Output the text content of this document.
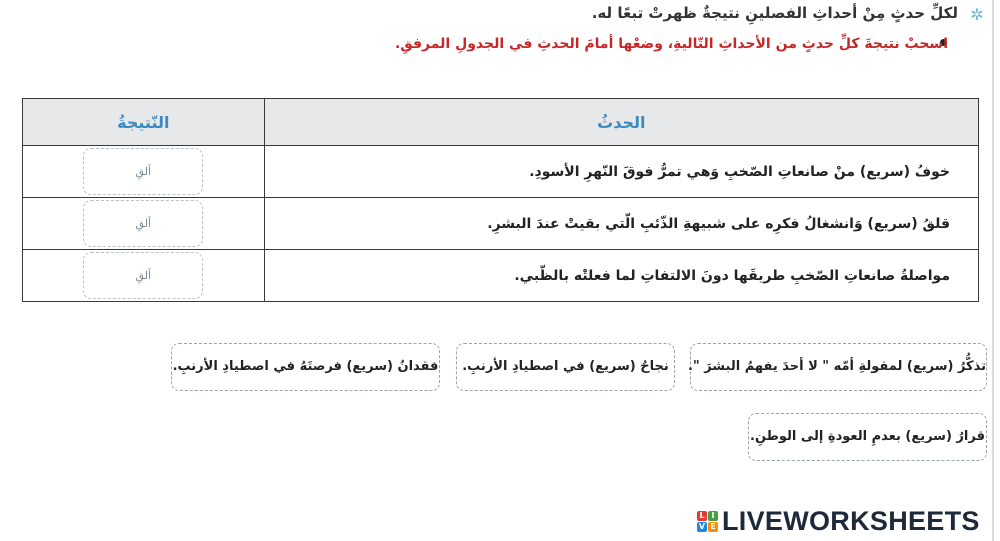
✲
لكلِّ حدثٍ مِنْ أحداثِ الفصلينِ نتيجةٌ ظهرتْ تبعًا له.
اسحبْ نتيجةَ كلِّ حدثٍ من الأحداثِ التّاليةِ، وضعْها أمامَ الحدثِ في الجدولِ المرفقِ.
الحدثُ	النّتيجةُ
خوفُ (سريع) منْ صانعاتِ الصّخبِ وَهي تمرُّ فوقَ النّهرِ الأسودِ.	ألقِ
قلقُ (سريع) وَانشغالُ فكرِه على شبيهةِ الذّئبِ الّتي بقيتْ عندَ البشرِ.	ألقِ
مواصلةُ صانعاتِ الصّخبِ طريقَها دونَ الالتفاتِ لما فعلتْه بالظّبي.	ألقِ
تذكُّرُ (سريع) لمقولةِ أمّه " لا أحدَ يفهمُ البشرَ ".
نجاحُ (سريع) في اصطيادِ الأرنبِ.
فقدانُ (سريع) فرصتَهُ في اصطيادِ الأرنبِ.
قرارُ (سريع) بعدمِ العودةِ إلى الوطنِ.
L I
V E LIVEWORKSHEETS
